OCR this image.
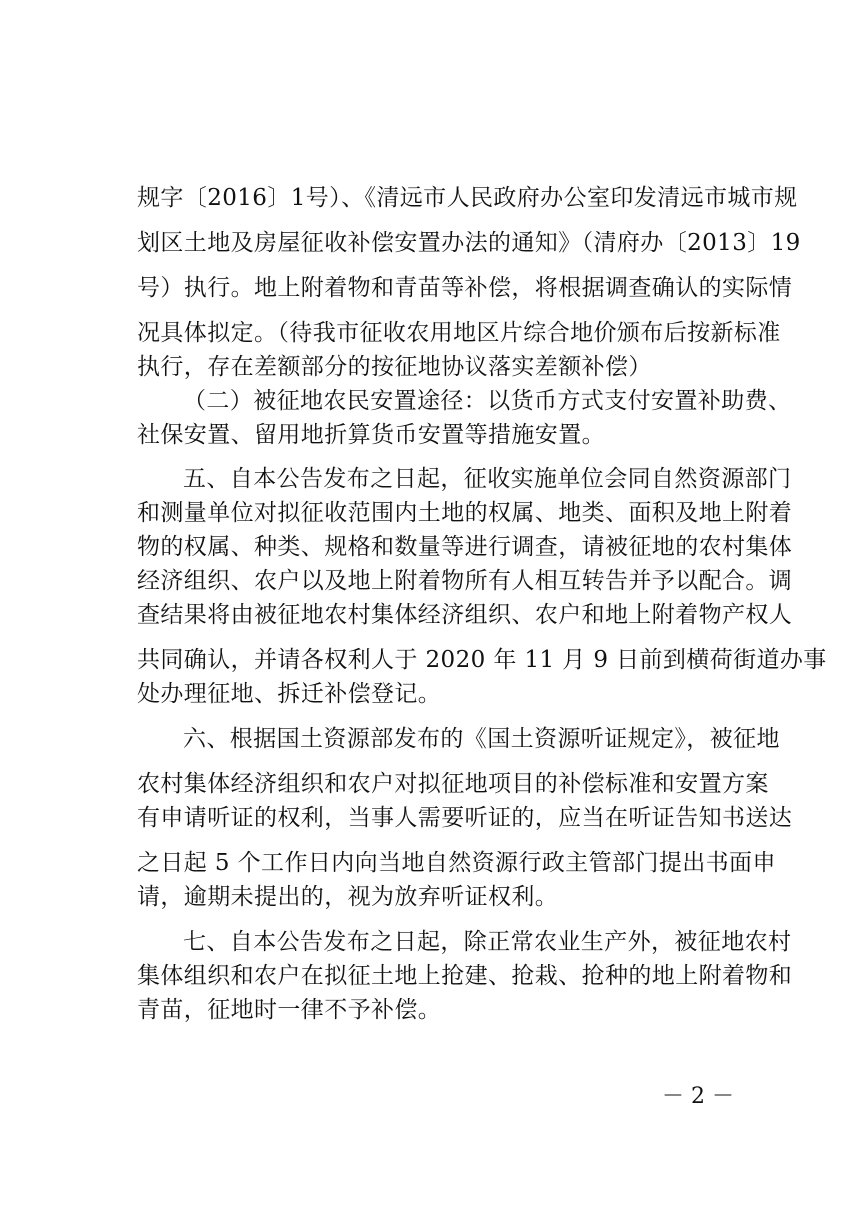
规字〔2016〕1号）、《清远市人民政府办公室印发清远市城市规
划区土地及房屋征收补偿安置办法的通知》（清府办〔2013〕19
号）执行。地上附着物和青苗等补偿，将根据调查确认的实际情
况具体拟定。（待我市征收农用地区片综合地价颁布后按新标准
执行，存在差额部分的按征地协议落实差额补偿）
（二）被征地农民安置途径：以货币方式支付安置补助费、
社保安置、留用地折算货币安置等措施安置。
五、自本公告发布之日起，征收实施单位会同自然资源部门
和测量单位对拟征收范围内土地的权属、地类、面积及地上附着
物的权属、种类、规格和数量等进行调查，请被征地的农村集体
经济组织、农户以及地上附着物所有人相互转告并予以配合。调
查结果将由被征地农村集体经济组织、农户和地上附着物产权人
共同确认，并请各权利人于 2020 年 11 月 9 日前到横荷街道办事
处办理征地、拆迁补偿登记。
六、根据国土资源部发布的《国土资源听证规定》，被征地
农村集体经济组织和农户对拟征地项目的补偿标准和安置方案
有申请听证的权利，当事人需要听证的，应当在听证告知书送达
之日起 5 个工作日内向当地自然资源行政主管部门提出书面申
请，逾期未提出的，视为放弃听证权利。
七、自本公告发布之日起，除正常农业生产外，被征地农村
集体组织和农户在拟征土地上抢建、抢栽、抢种的地上附着物和
青苗，征地时一律不予补偿。
－ 2 －
